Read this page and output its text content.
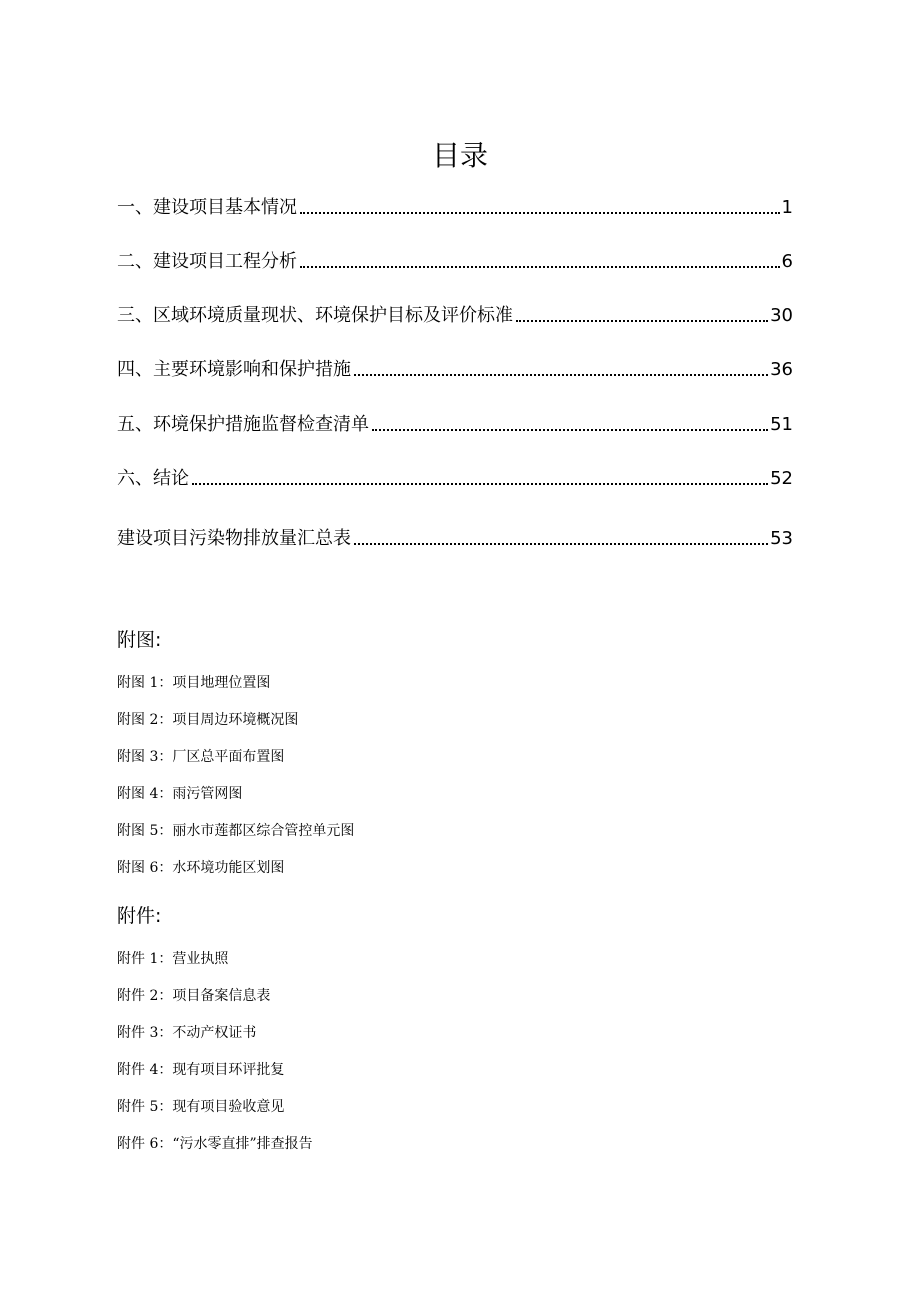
目录
一、建设项目基本情况	1
二、建设项目工程分析	6
三、区域环境质量现状、环境保护目标及评价标准	30
四、主要环境影响和保护措施	36
五、环境保护措施监督检查清单	51
六、结论	52
建设项目污染物排放量汇总表	53
附图:
附图 1：项目地理位置图
附图 2：项目周边环境概况图
附图 3：厂区总平面布置图
附图 4：雨污管网图
附图 5：丽水市莲都区综合管控单元图
附图 6：水环境功能区划图
附件:
附件 1：营业执照
附件 2：项目备案信息表
附件 3：不动产权证书
附件 4：现有项目环评批复
附件 5：现有项目验收意见
附件 6：“污水零直排”排查报告
